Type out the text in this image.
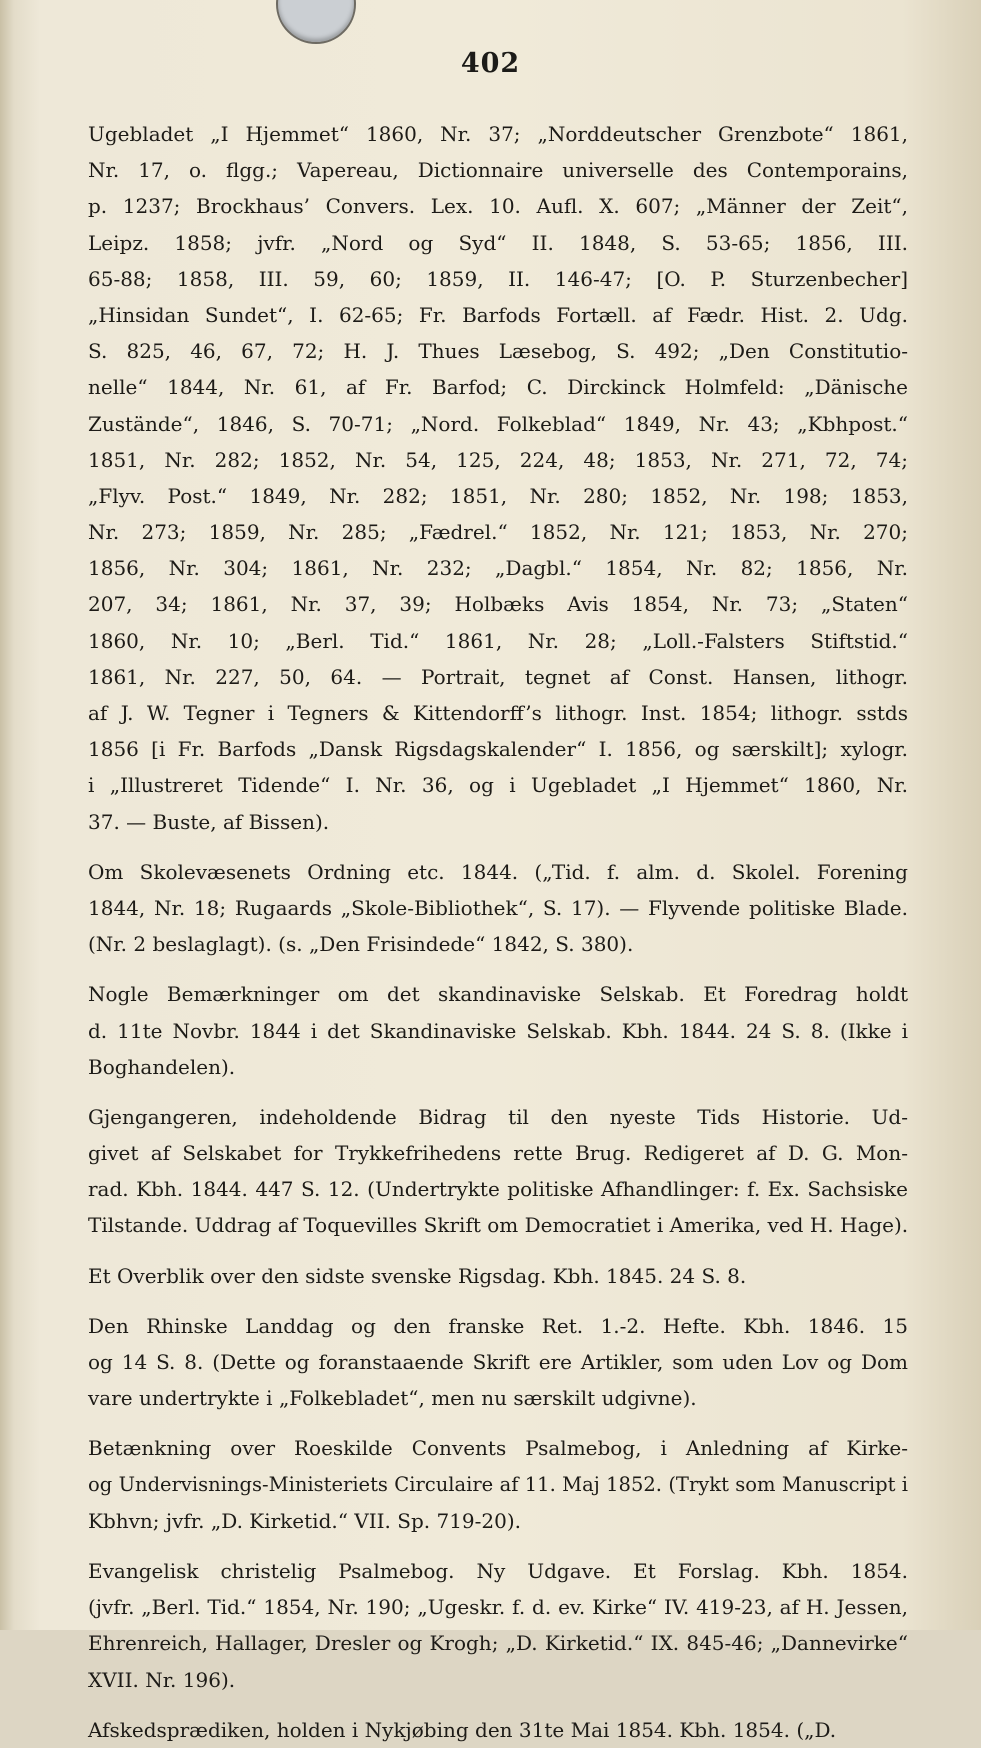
402
Ugebladet „I Hjemmet“ 1860, Nr. 37; „Norddeutscher Grenzbote“ 1861,
Nr. 17, o. flgg.; Vapereau, Dictionnaire universelle des Contemporains,
p. 1237; Brockhaus’ Convers. Lex. 10. Aufl. X. 607; „Männer der Zeit“,
Leipz. 1858; jvfr. „Nord og Syd“ II. 1848, S. 53-65; 1856, III.
65-88; 1858, III. 59, 60; 1859, II. 146-47; [O. P. Sturzenbecher]
„Hinsidan Sundet“, I. 62-65; Fr. Barfods Fortæll. af Fædr. Hist. 2. Udg.
S. 825, 46, 67, 72; H. J. Thues Læsebog, S. 492; „Den Constitutio-
nelle“ 1844, Nr. 61, af Fr. Barfod; C. Dirckinck Holmfeld: „Dänische
Zustände“, 1846, S. 70-71; „Nord. Folkeblad“ 1849, Nr. 43; „Kbhpost.“
1851, Nr. 282; 1852, Nr. 54, 125, 224, 48; 1853, Nr. 271, 72, 74;
„Flyv. Post.“ 1849, Nr. 282; 1851, Nr. 280; 1852, Nr. 198; 1853,
Nr. 273; 1859, Nr. 285; „Fædrel.“ 1852, Nr. 121; 1853, Nr. 270;
1856, Nr. 304; 1861, Nr. 232; „Dagbl.“ 1854, Nr. 82; 1856, Nr.
207, 34; 1861, Nr. 37, 39; Holbæks Avis 1854, Nr. 73; „Staten“
1860, Nr. 10; „Berl. Tid.“ 1861, Nr. 28; „Loll.-Falsters Stiftstid.“
1861, Nr. 227, 50, 64. — Portrait, tegnet af Const. Hansen, lithogr.
af J. W. Tegner i Tegners & Kittendorff’s lithogr. Inst. 1854; lithogr. sstds
1856 [i Fr. Barfods „Dansk Rigsdagskalender“ I. 1856, og særskilt]; xylogr.
i „Illustreret Tidende“ I. Nr. 36, og i Ugebladet „I Hjemmet“ 1860, Nr.
37. — Buste, af Bissen).
Om Skolevæsenets Ordning etc. 1844. („Tid. f. alm. d. Skolel. Forening
1844, Nr. 18; Rugaards „Skole-Bibliothek“, S. 17). — Flyvende politiske Blade.
(Nr. 2 beslaglagt). (s. „Den Frisindede“ 1842, S. 380).
Nogle Bemærkninger om det skandinaviske Selskab. Et Foredrag holdt
d. 11te Novbr. 1844 i det Skandinaviske Selskab. Kbh. 1844. 24 S. 8. (Ikke i
Boghandelen).
Gjengangeren, indeholdende Bidrag til den nyeste Tids Historie. Ud-
givet af Selskabet for Trykkefrihedens rette Brug. Redigeret af D. G. Mon-
rad. Kbh. 1844. 447 S. 12. (Undertrykte politiske Afhandlinger: f. Ex. Sachsiske
Tilstande. Uddrag af Toquevilles Skrift om Democratiet i Amerika, ved H. Hage).
Et Overblik over den sidste svenske Rigsdag. Kbh. 1845. 24 S. 8.
Den Rhinske Landdag og den franske Ret. 1.-2. Hefte. Kbh. 1846. 15
og 14 S. 8. (Dette og foranstaaende Skrift ere Artikler, som uden Lov og Dom
vare undertrykte i „Folkebladet“, men nu særskilt udgivne).
Betænkning over Roeskilde Convents Psalmebog, i Anledning af Kirke-
og Undervisnings-Ministeriets Circulaire af 11. Maj 1852. (Trykt som Manuscript i
Kbhvn; jvfr. „D. Kirketid.“ VII. Sp. 719-20).
Evangelisk christelig Psalmebog. Ny Udgave. Et Forslag. Kbh. 1854.
(jvfr. „Berl. Tid.“ 1854, Nr. 190; „Ugeskr. f. d. ev. Kirke“ IV. 419-23, af H. Jessen,
Ehrenreich, Hallager, Dresler og Krogh; „D. Kirketid.“ IX. 845-46; „Dannevirke“
XVII. Nr. 196).
Afskedsprædiken, holden i Nykjøbing den 31te Mai 1854. Kbh. 1854. („D.
